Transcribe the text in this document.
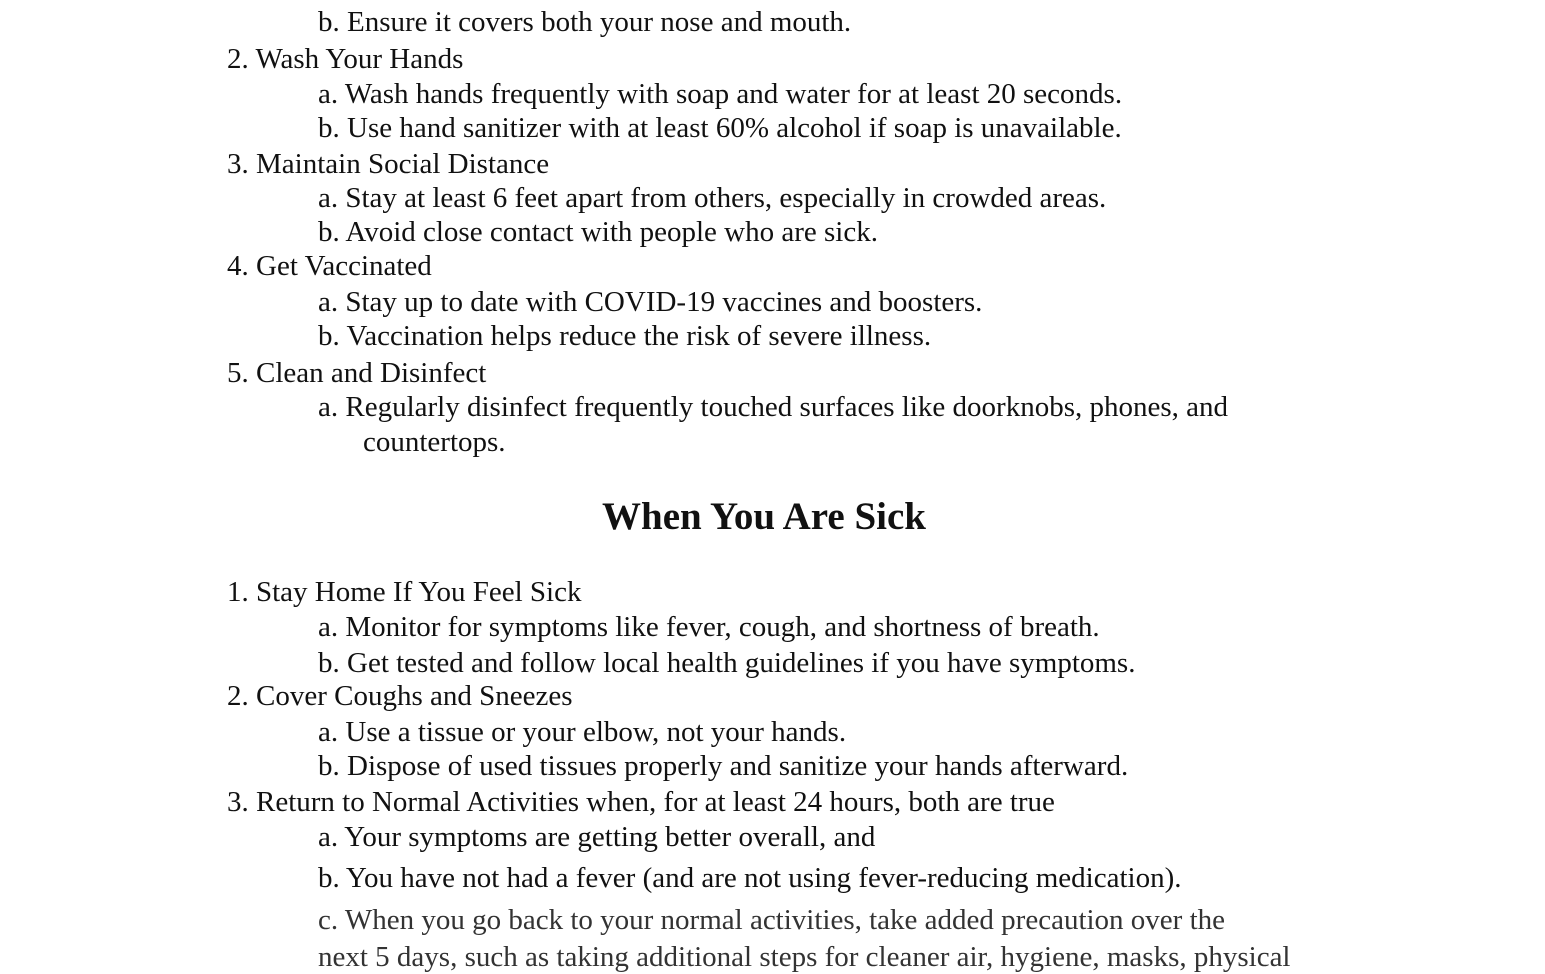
b. Ensure it covers both your nose and mouth.
2. Wash Your Hands
a. Wash hands frequently with soap and water for at least 20 seconds.
b. Use hand sanitizer with at least 60% alcohol if soap is unavailable.
3. Maintain Social Distance
a. Stay at least 6 feet apart from others, especially in crowded areas.
b. Avoid close contact with people who are sick.
4. Get Vaccinated
a. Stay up to date with COVID-19 vaccines and boosters.
b. Vaccination helps reduce the risk of severe illness.
5. Clean and Disinfect
a. Regularly disinfect frequently touched surfaces like doorknobs, phones, and
countertops.
When You Are Sick
1. Stay Home If You Feel Sick
a. Monitor for symptoms like fever, cough, and shortness of breath.
b. Get tested and follow local health guidelines if you have symptoms.
2. Cover Coughs and Sneezes
a. Use a tissue or your elbow, not your hands.
b. Dispose of used tissues properly and sanitize your hands afterward.
3. Return to Normal Activities when, for at least 24 hours, both are true
a. Your symptoms are getting better overall, and
b. You have not had a fever (and are not using fever-reducing medication).
c. When you go back to your normal activities, take added precaution over the
next 5 days, such as taking additional steps for cleaner air, hygiene, masks, physical
